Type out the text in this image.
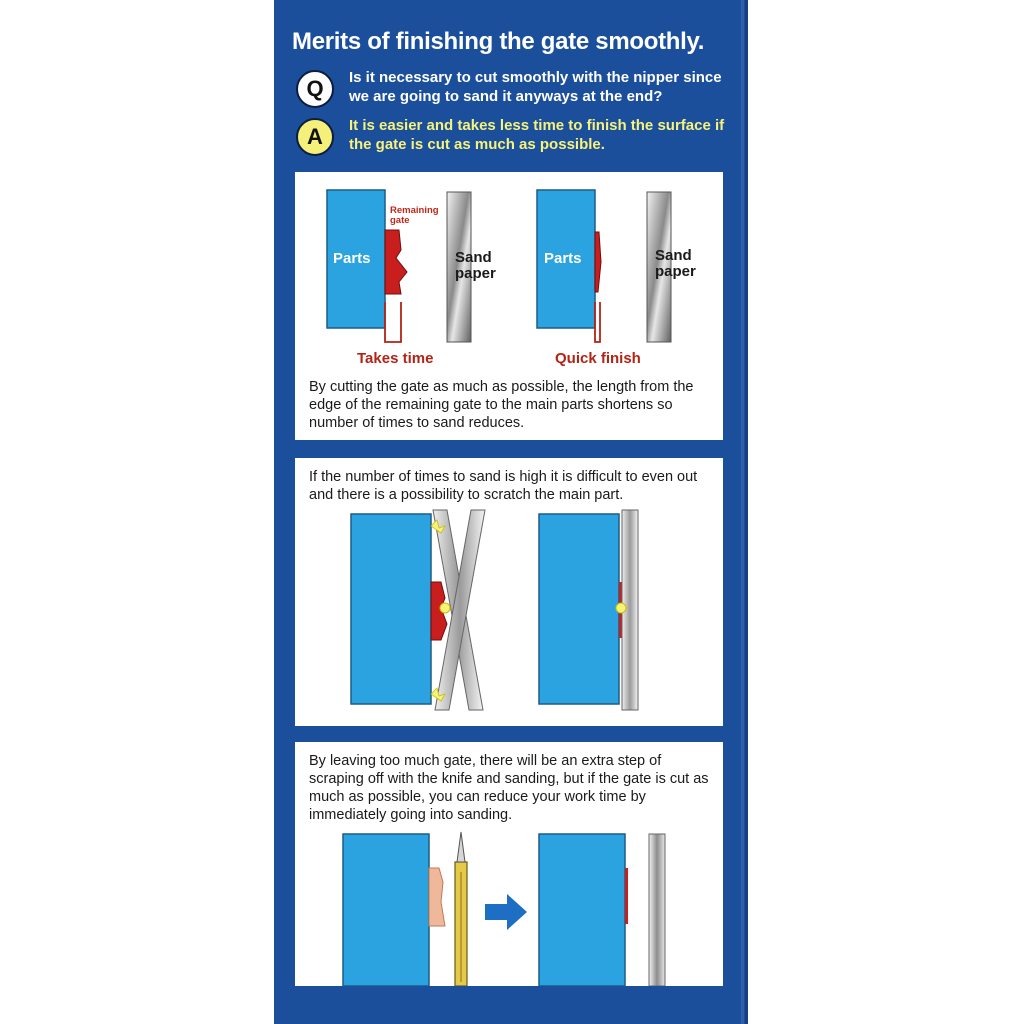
Merits of finishing the gate smoothly.
Q	Is it necessary to cut smoothly with the nipper since we are going to sand it anyways at the end?
A	It is easier and takes less time to finish the surface if the gate is cut as much as possible.
Parts
Remaining gate
Sand
paper
Takes time
Parts	Sand
paper
Quick finish
By cutting the gate as much as possible, the length from the edge of the remaining gate to the main parts shortens so number of times to sand reduces.
If the number of times to sand is high it is difficult to even out and there is a possibility to scratch the main part.
By leaving too much gate, there will be an extra step of scraping off with the knife and sanding, but if the gate is cut as much as possible, you can reduce your work time by immediately going into sanding.
